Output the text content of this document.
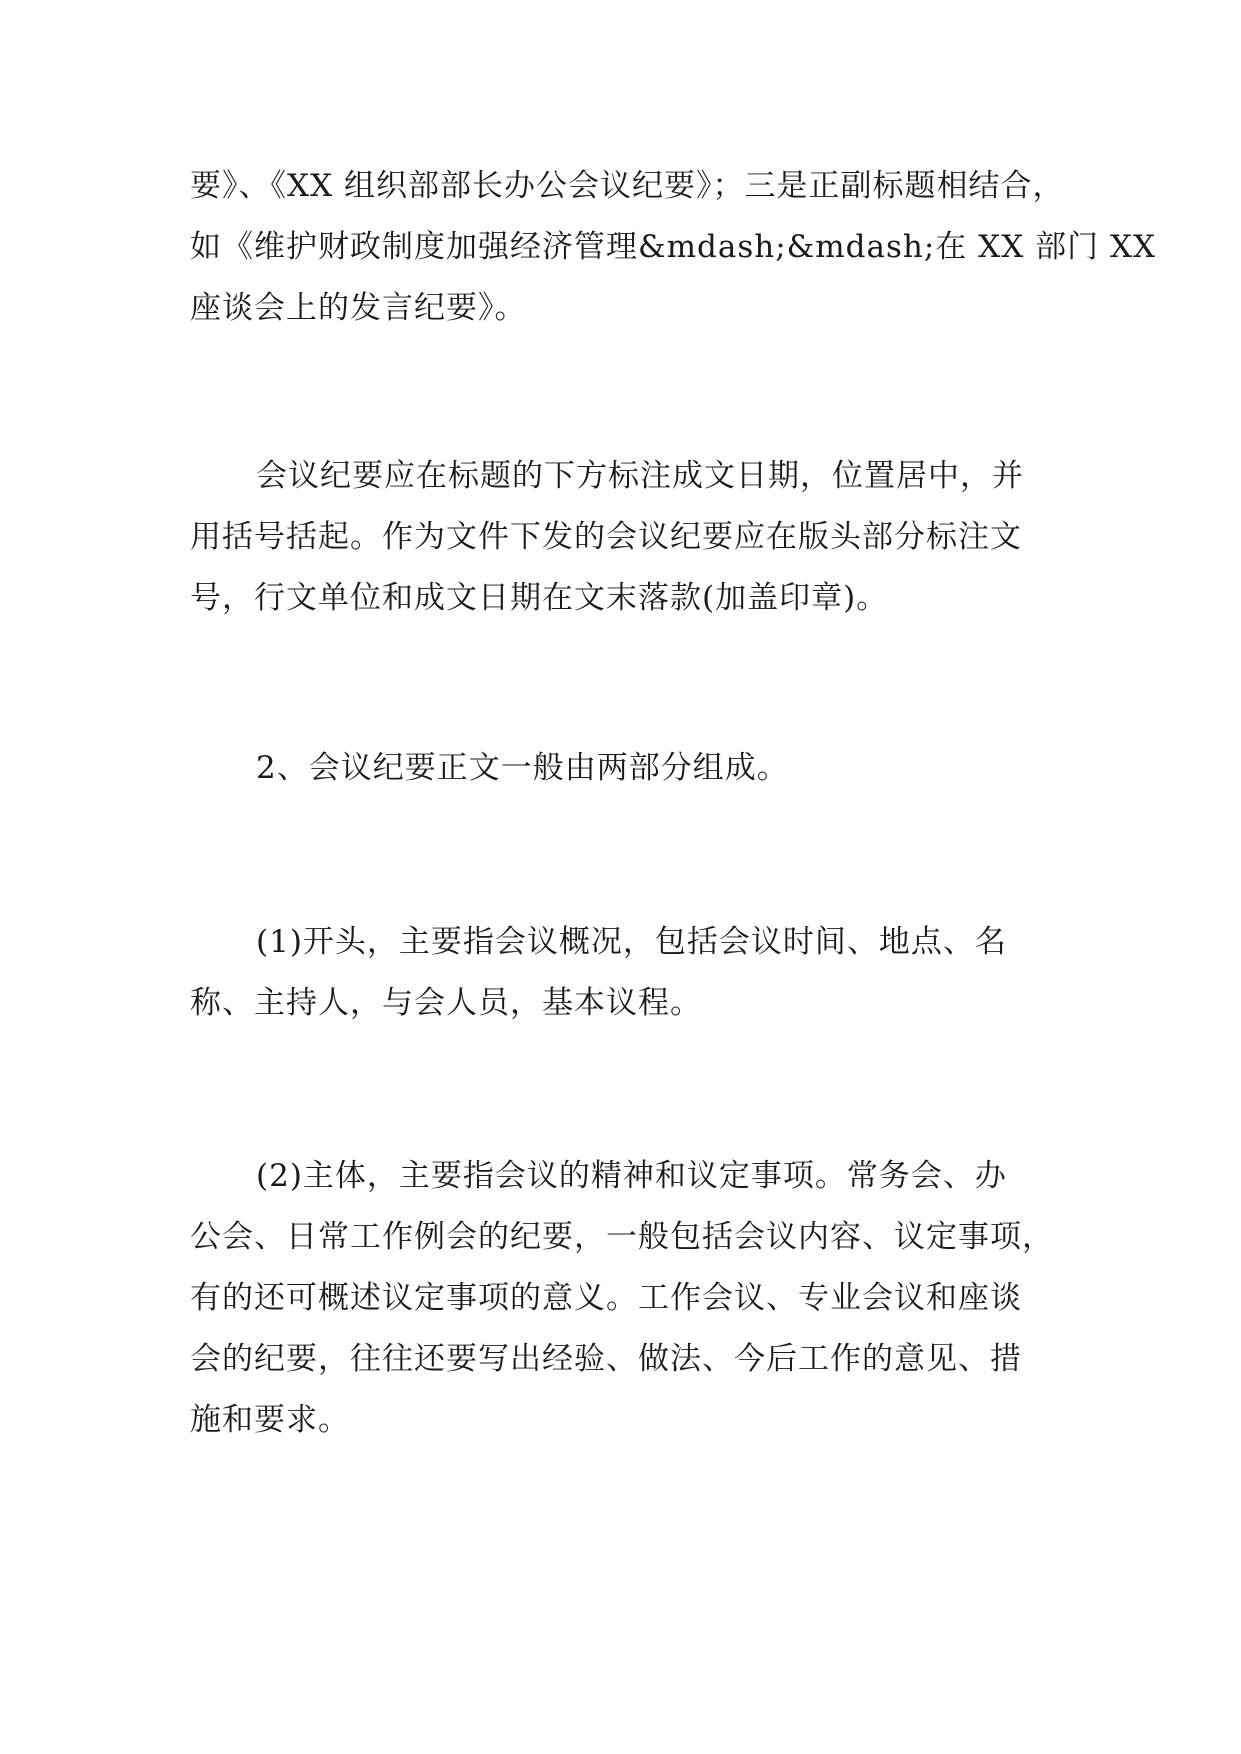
要》、《XX 组织部部长办公会议纪要》；三是正副标题相结合，
如《维护财政制度加强经济管理&mdash;&mdash;在 XX 部门 XX
座谈会上的发言纪要》。
会议纪要应在标题的下方标注成文日期，位置居中，并
用括号括起。作为文件下发的会议纪要应在版头部分标注文
号，行文单位和成文日期在文末落款(加盖印章)。
2、会议纪要正文一般由两部分组成。
(1)开头，主要指会议概况，包括会议时间、地点、名
称、主持人，与会人员，基本议程。
(2)主体，主要指会议的精神和议定事项。常务会、办
公会、日常工作例会的纪要，一般包括会议内容、议定事项，
有的还可概述议定事项的意义。工作会议、专业会议和座谈
会的纪要，往往还要写出经验、做法、今后工作的意见、措
施和要求。
